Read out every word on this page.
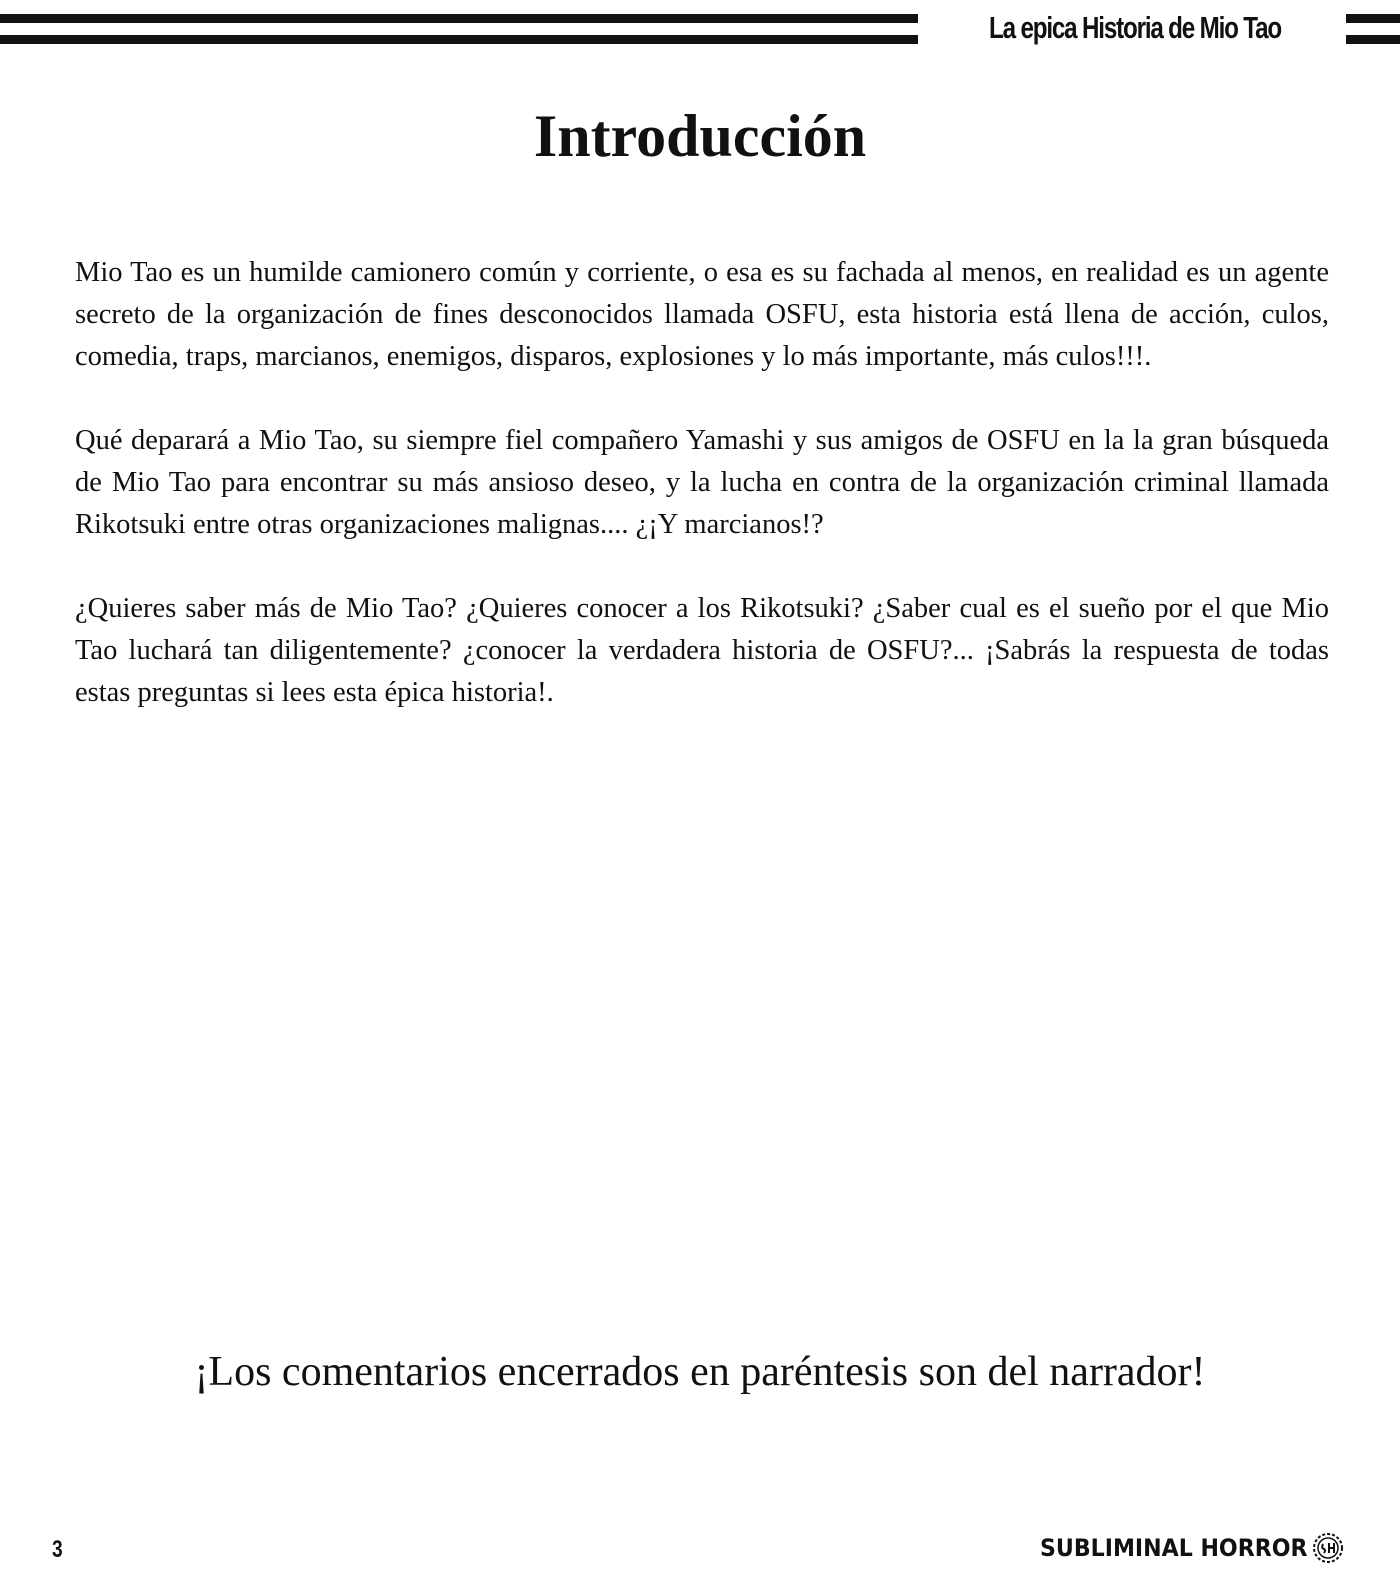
La epica Historia de Mio Tao
Introducción

Mio Tao es un humilde camionero común y corriente, o esa es su fachada al menos, en realidad es un agente secreto de la organización de fines desconocidos llamada OSFU, esta historia está llena de acción, culos, comedia, traps, marcianos, enemigos, disparos, explosiones y lo más importante, más culos!!!.

Qué deparará a Mio Tao, su siempre fiel compañero Yamashi y sus amigos de OSFU en la la gran búsqueda de Mio Tao para encontrar su más ansioso deseo, y la lucha en contra de la organización criminal llamada Rikotsuki entre otras organizaciones malignas.... ¿¡Y marcianos!?

¿Quieres saber más de Mio Tao? ¿Quieres conocer a los Rikotsuki? ¿Saber cual es el sueño por el que Mio Tao luchará tan diligentemente? ¿conocer la verdadera historia de OSFU?... ¡Sabrás la respuesta de todas estas preguntas si lees esta épica historia!.

¡Los comentarios encerrados en paréntesis son del narrador!
3	SUBLIMINAL HORROR
